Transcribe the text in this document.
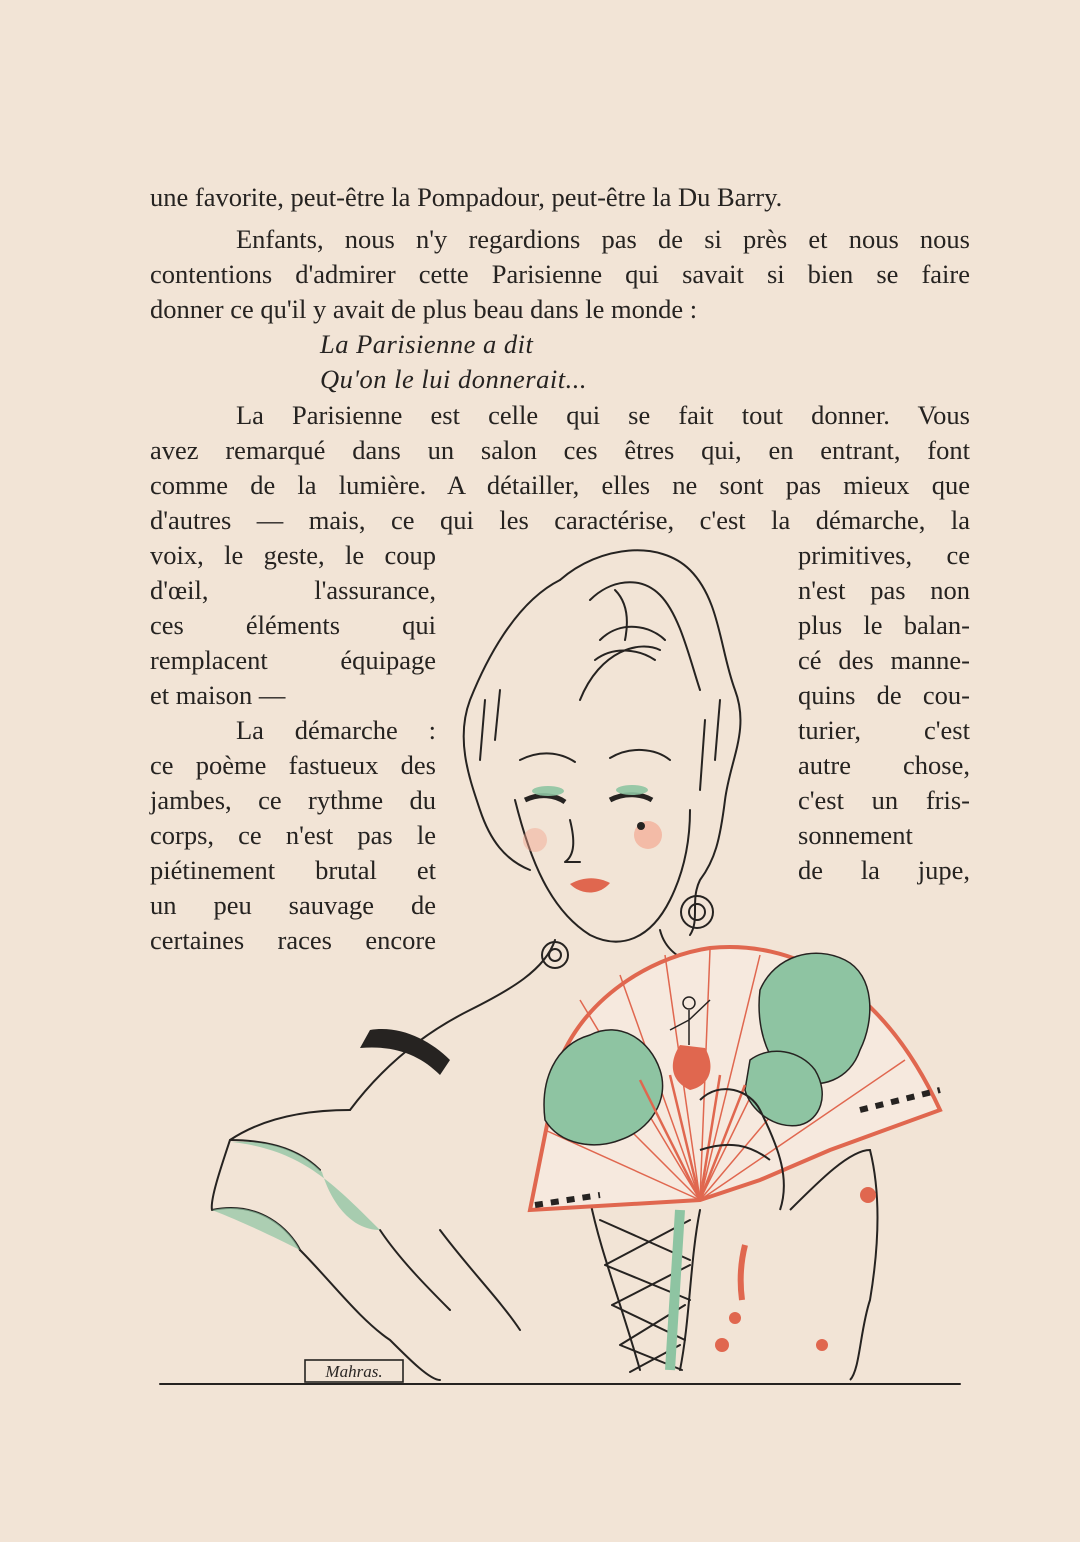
Mahras.
une favorite, peut-être la Pompadour, peut-être la Du Barry.
Enfants, nous n'y regardions pas de si près et nous nous
contentions d'admirer cette Parisienne qui savait si bien se faire
donner ce qu'il y avait de plus beau dans le monde :
La Parisienne a dit
Qu'on le lui donnerait...
La Parisienne est celle qui se fait tout donner. Vous
avez remarqué dans un salon ces êtres qui, en entrant, font
comme de la lumière. A détailler, elles ne sont pas mieux que
d'autres — mais, ce qui les caractérise, c'est la démarche, la
voix, le geste, le coup
d'œil, l'assurance,
ces éléments qui
remplacent équipage
et maison —
La démarche :
ce poème fastueux des
jambes, ce rythme du
corps, ce n'est pas le
piétinement brutal et
un peu sauvage de
certaines races encore
primitives, ce
n'est pas non
plus le balan-
cé des manne-
quins de cou-
turier, c'est
autre chose,
c'est un fris-
sonnement
de la jupe,
